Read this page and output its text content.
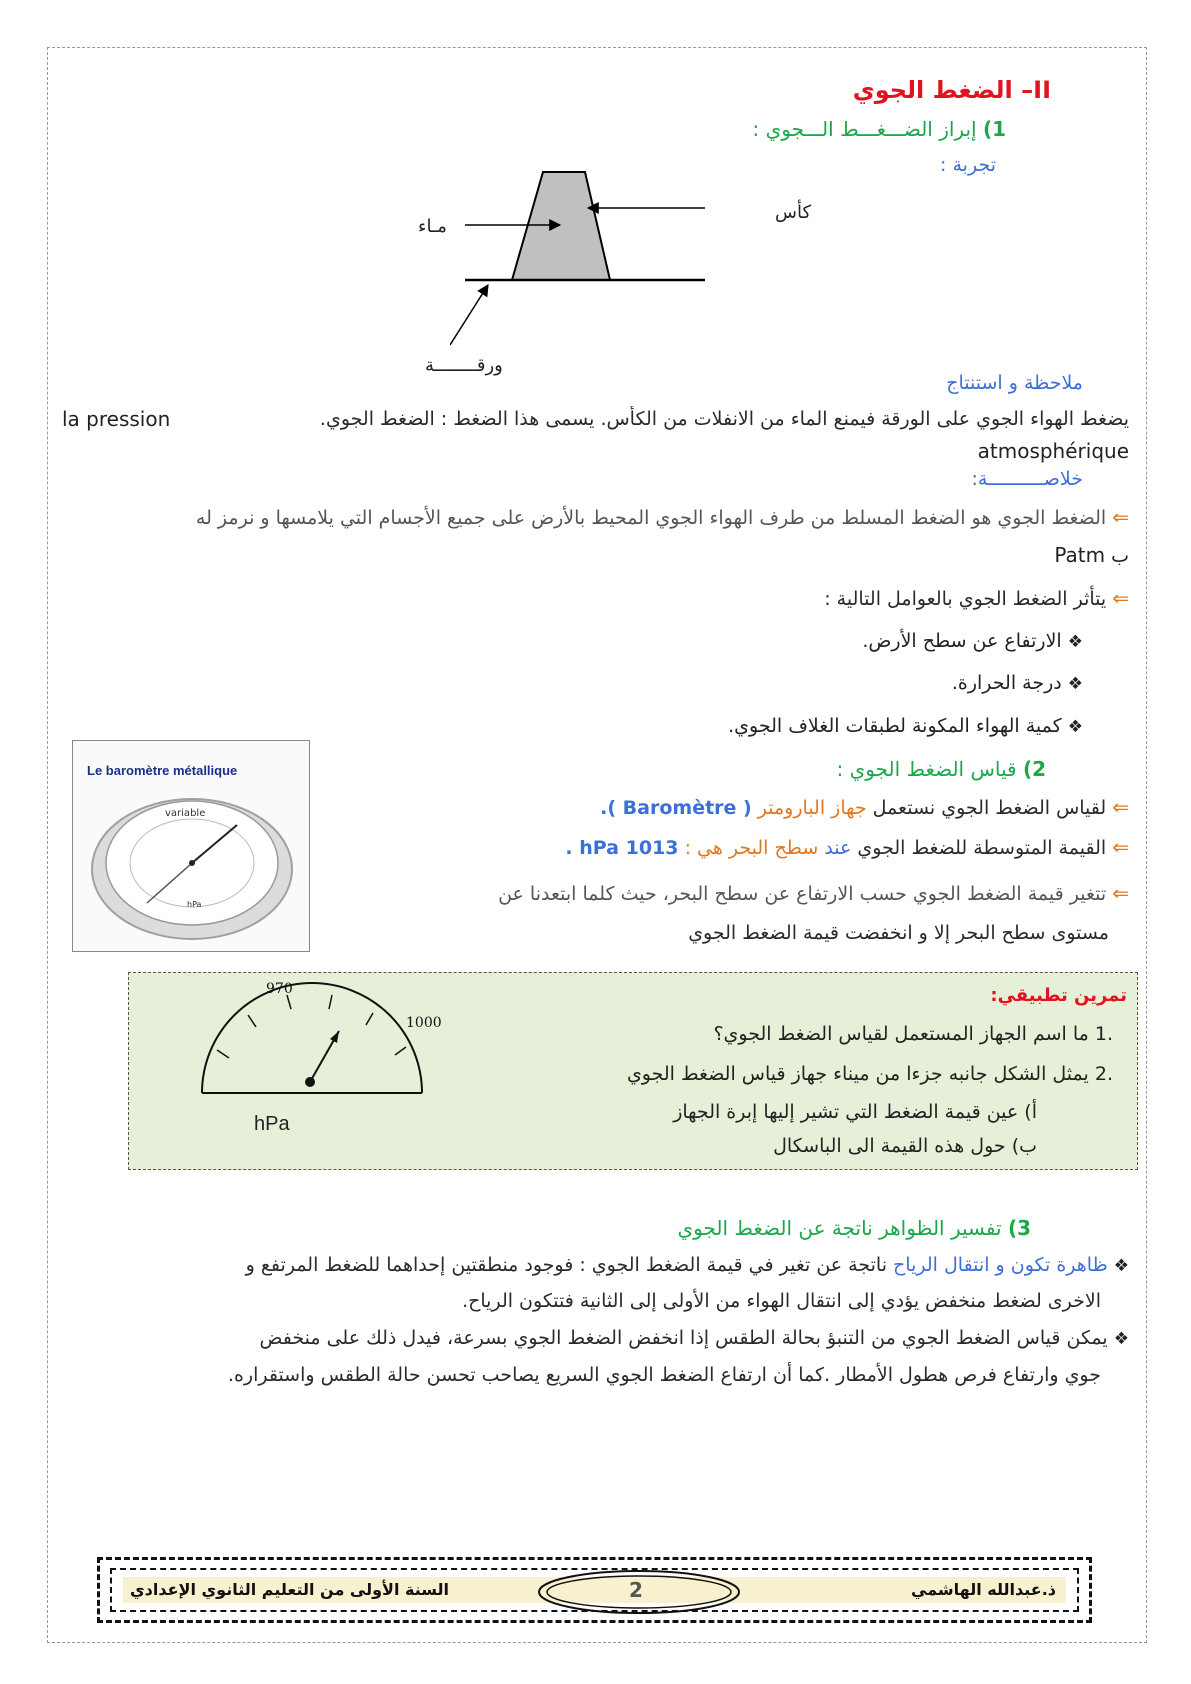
II– الضغط الجوي
1) إبراز الضـــغـــط الـــجوي :
تجربة :
كأس
مـاء
ورقــــــــة
ملاحظة و استنتاج
la pression	يضغط الهواء الجوي على الورقة فيمنع الماء من الانفلات من الكأس. يسمى هذا الضغط : الضغط الجوي.
atmosphérique
خلاصــــــــــة:
⇐ الضغط الجوي هو الضغط المسلط من طرف الهواء الجوي المحيط بالأرض على جميع الأجسام التي يلامسها و نرمز له
ب Patm
⇐ يتأثر الضغط الجوي بالعوامل التالية :
❖ الارتفاع عن سطح الأرض.
❖ درجة الحرارة.
❖ كمية الهواء المكونة لطبقات الغلاف الجوي.
Le baromètre métallique
variable
hPa
2) قياس الضغط الجوي :
⇐ لقياس الضغط الجوي نستعمل جهاز البارومتر ( Baromètre ).
⇐ القيمة المتوسطة للضغط الجوي عند سطح البحر هي : 1013 hPa .
⇐ تتغير قيمة الضغط الجوي حسب الارتفاع عن سطح البحر، حيث كلما ابتعدنا عن
مستوى سطح البحر إلا و انخفضت قيمة الضغط الجوي
تمرين تطبيقي:
.1 ما اسم الجهاز المستعمل لقياس الضغط الجوي؟
.2 يمثل الشكل جانبه جزءا من ميناء جهاز قياس الضغط الجوي
أ) عين قيمة الضغط التي تشير إليها إبرة الجهاز
ب) حول هذه القيمة الى الباسكال
970
1000
hPa
3) تفسير الظواهر ناتجة عن الضغط الجوي
❖ ظاهرة تكون و انتقال الرياح ناتجة عن تغير في قيمة الضغط الجوي : فوجود منطقتين إحداهما للضغط المرتفع و
الاخرى لضغط منخفض يؤدي إلى انتقال الهواء من الأولى إلى الثانية فتتكون الرياح.
❖ يمكن قياس الضغط الجوي من التنبؤ بحالة الطقس إذا انخفض الضغط الجوي بسرعة، فيدل ذلك على منخفض
جوي وارتفاع فرص هطول الأمطار .كما أن ارتفاع الضغط الجوي السريع يصاحب تحسن حالة الطقس واستقراره.
ذ.عبدالله الهاشمي
السنة الأولى من التعليم الثانوي الإعدادي	2
